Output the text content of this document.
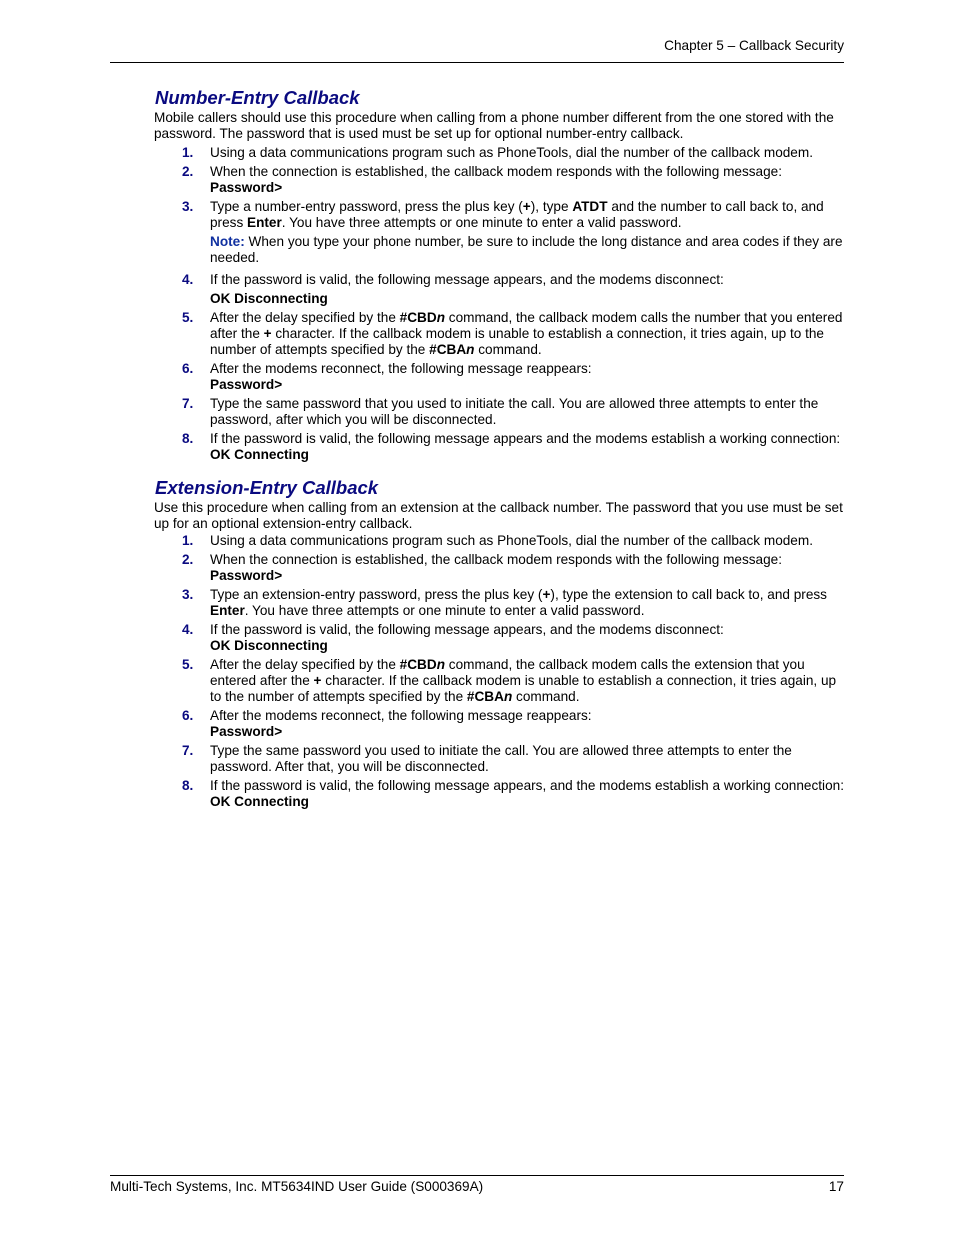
Chapter 5 – Callback Security
Number-Entry Callback

Mobile callers should use this procedure when calling from a phone number different from the one stored with the password. The password that is used must be set up for optional number-entry callback.

1. Using a data communications program such as PhoneTools, dial the number of the callback modem.
2. When the connection is established, the callback modem responds with the following message:
Password>
3. Type a number-entry password, press the plus key (+), type ATDT and the number to call back to, and press Enter. You have three attempts or one minute to enter a valid password.
Note: When you type your phone number, be sure to include the long distance and area codes if they are needed.
4. If the password is valid, the following message appears, and the modems disconnect:
OK Disconnecting
5. After the delay specified by the #CBDn command, the callback modem calls the number that you entered after the + character. If the callback modem is unable to establish a connection, it tries again, up to the number of attempts specified by the #CBAn command.
6. After the modems reconnect, the following message reappears:
Password>
7. Type the same password that you used to initiate the call. You are allowed three attempts to enter the password, after which you will be disconnected.
8. If the password is valid, the following message appears and the modems establish a working connection:
OK Connecting
Extension-Entry Callback

Use this procedure when calling from an extension at the callback number. The password that you use must be set up for an optional extension-entry callback.

1. Using a data communications program such as PhoneTools, dial the number of the callback modem.
2. When the connection is established, the callback modem responds with the following message:
Password>
3. Type an extension-entry password, press the plus key (+), type the extension to call back to, and press Enter. You have three attempts or one minute to enter a valid password.
4. If the password is valid, the following message appears, and the modems disconnect:
OK Disconnecting
5. After the delay specified by the #CBDn command, the callback modem calls the extension that you entered after the + character. If the callback modem is unable to establish a connection, it tries again, up to the number of attempts specified by the #CBAn command.
6. After the modems reconnect, the following message reappears:
Password>
7. Type the same password you used to initiate the call. You are allowed three attempts to enter the password. After that, you will be disconnected.
8. If the password is valid, the following message appears, and the modems establish a working connection:
OK Connecting
Multi-Tech Systems, Inc. MT5634IND User Guide (S000369A)	17
